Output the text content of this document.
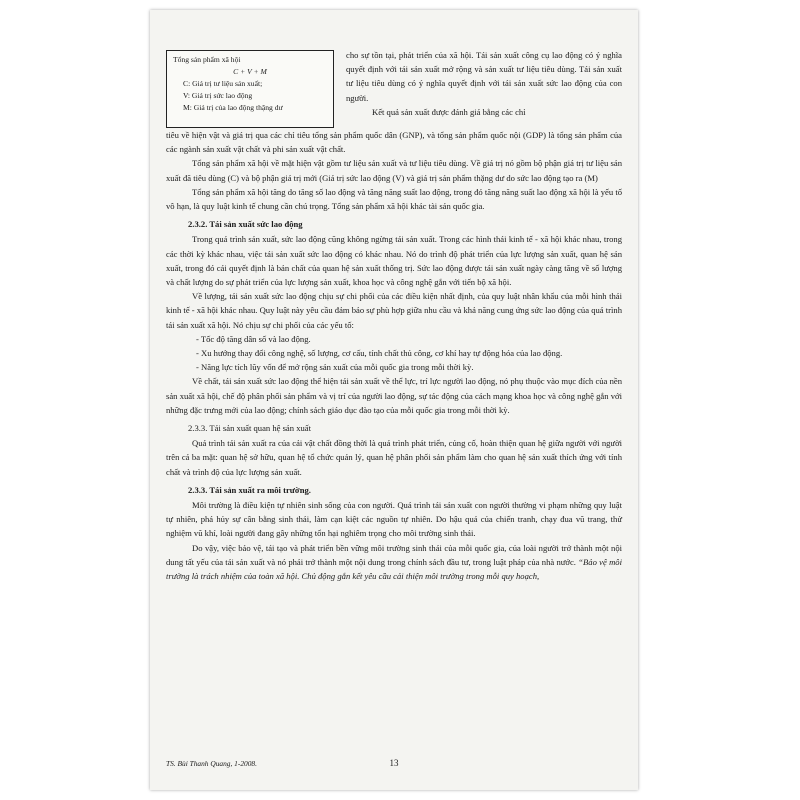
Tổng sản phẩm xã hội
C + V + M
C: Giá trị tư liệu sản xuất;
V: Giá trị sức lao động
M: Giá trị của lao động thặng dư

cho sự tồn tại, phát triển của xã hội. Tái sản xuất công cụ lao động có ý nghĩa quyết định với tái sản xuất mở rộng và sản xuất tư liệu tiêu dùng. Tái sản xuất tư liệu tiêu dùng có ý nghĩa quyết định với tái sản xuất sức lao động của con người.

Kết quả sản xuất được đánh giá bằng các chỉ

tiêu về hiện vật và giá trị qua các chỉ tiêu tổng sản phẩm quốc dân (GNP), và tổng sản phẩm quốc nội (GDP) là tổng sản phẩm của các ngành sản xuất vật chất và phi sản xuất vật chất.

Tổng sản phẩm xã hội về mặt hiện vật gồm tư liệu sản xuất và tư liệu tiêu dùng. Về giá trị nó gồm bộ phận giá trị tư liệu sản xuất đã tiêu dùng (C) và bộ phận giá trị mới (Giá trị sức lao động (V) và giá trị sản phẩm thặng dư do sức lao động tạo ra (M)

Tổng sản phẩm xã hội tăng do tăng số lao động và tăng năng suất lao động, trong đó tăng năng suất lao động xã hội là yếu tố vô hạn, là quy luật kinh tế chung cần chú trọng. Tổng sản phẩm xã hội khác tài sản quốc gia.

2.3.2. Tái sản xuất sức lao động

Trong quá trình sản xuất, sức lao động cũng không ngừng tái sản xuất. Trong các hình thái kinh tế - xã hội khác nhau, trong các thời kỳ khác nhau, việc tái sản xuất sức lao động có khác nhau. Nó do trình độ phát triển của lực lượng sản xuất, quan hệ sản xuất, trong đó cái quyết định là bản chất của quan hệ sản xuất thống trị. Sức lao động được tái sản xuất ngày càng tăng về số lượng và chất lượng do sự phát triển của lực lượng sản xuất, khoa học và công nghệ gắn với tiến bộ xã hội.

Về lượng, tái sản xuất sức lao động chịu sự chi phối của các điều kiện nhất định, của quy luật nhân khẩu của mỗi hình thái kinh tế - xã hội khác nhau. Quy luật này yêu cầu đảm bảo sự phù hợp giữa nhu cầu và khả năng cung ứng sức lao động của quá trình tái sản xuất xã hội. Nó chịu sự chi phối của các yếu tố:

- Tốc độ tăng dân số và lao động.

- Xu hướng thay đổi công nghệ, số lượng, cơ cấu, tính chất thủ công, cơ khí hay tự động hóa của lao động.

- Năng lực tích lũy vốn để mở rộng sản xuất của mỗi quốc gia trong mỗi thời kỳ.

Về chất, tái sản xuất sức lao động thể hiện tái sản xuất về thể lực, trí lực người lao động, nó phụ thuộc vào mục đích của nền sản xuất xã hội, chế độ phân phối sản phẩm và vị trí của người lao động, sự tác động của cách mạng khoa học và công nghệ gắn với những đặc trưng mới của lao động; chính sách giáo dục đào tạo của mỗi quốc gia trong mỗi thời kỳ.

2.3.3. Tái sản xuất quan hệ sản xuất

Quá trình tái sản xuất ra của cải vật chất đồng thời là quá trình phát triển, củng cố, hoàn thiện quan hệ giữa người với người trên cả ba mặt: quan hệ sở hữu, quan hệ tổ chức quản lý, quan hệ phân phối sản phẩm làm cho quan hệ sản xuất thích ứng với tính chất và trình độ của lực lượng sản xuất.

2.3.3. Tái sản xuất ra môi trường.

Môi trường là điều kiện tự nhiên sinh sống của con người. Quá trình tái sản xuất con người thường vi phạm những quy luật tự nhiên, phá hủy sự cân bằng sinh thái, làm cạn kiệt các nguồn tự nhiên. Do hậu quả của chiến tranh, chạy đua vũ trang, thử nghiệm vũ khí, loài người đang gây những tổn hại nghiêm trọng cho môi trường sinh thái.

Do vậy, việc bảo vệ, tái tạo và phát triển bền vững môi trường sinh thái của mỗi quốc gia, của loài người trở thành một nội dung tất yếu của tái sản xuất và nó phải trở thành một nội dung trong chính sách đầu tư, trong luật pháp của nhà nước. “Bảo vệ môi trường là trách nhiệm của toàn xã hội. Chủ động gắn kết yêu cầu cải thiện môi trường trong mỗi quy hoạch,

TS. Bùi Thanh Quang, 1-2008.	13
